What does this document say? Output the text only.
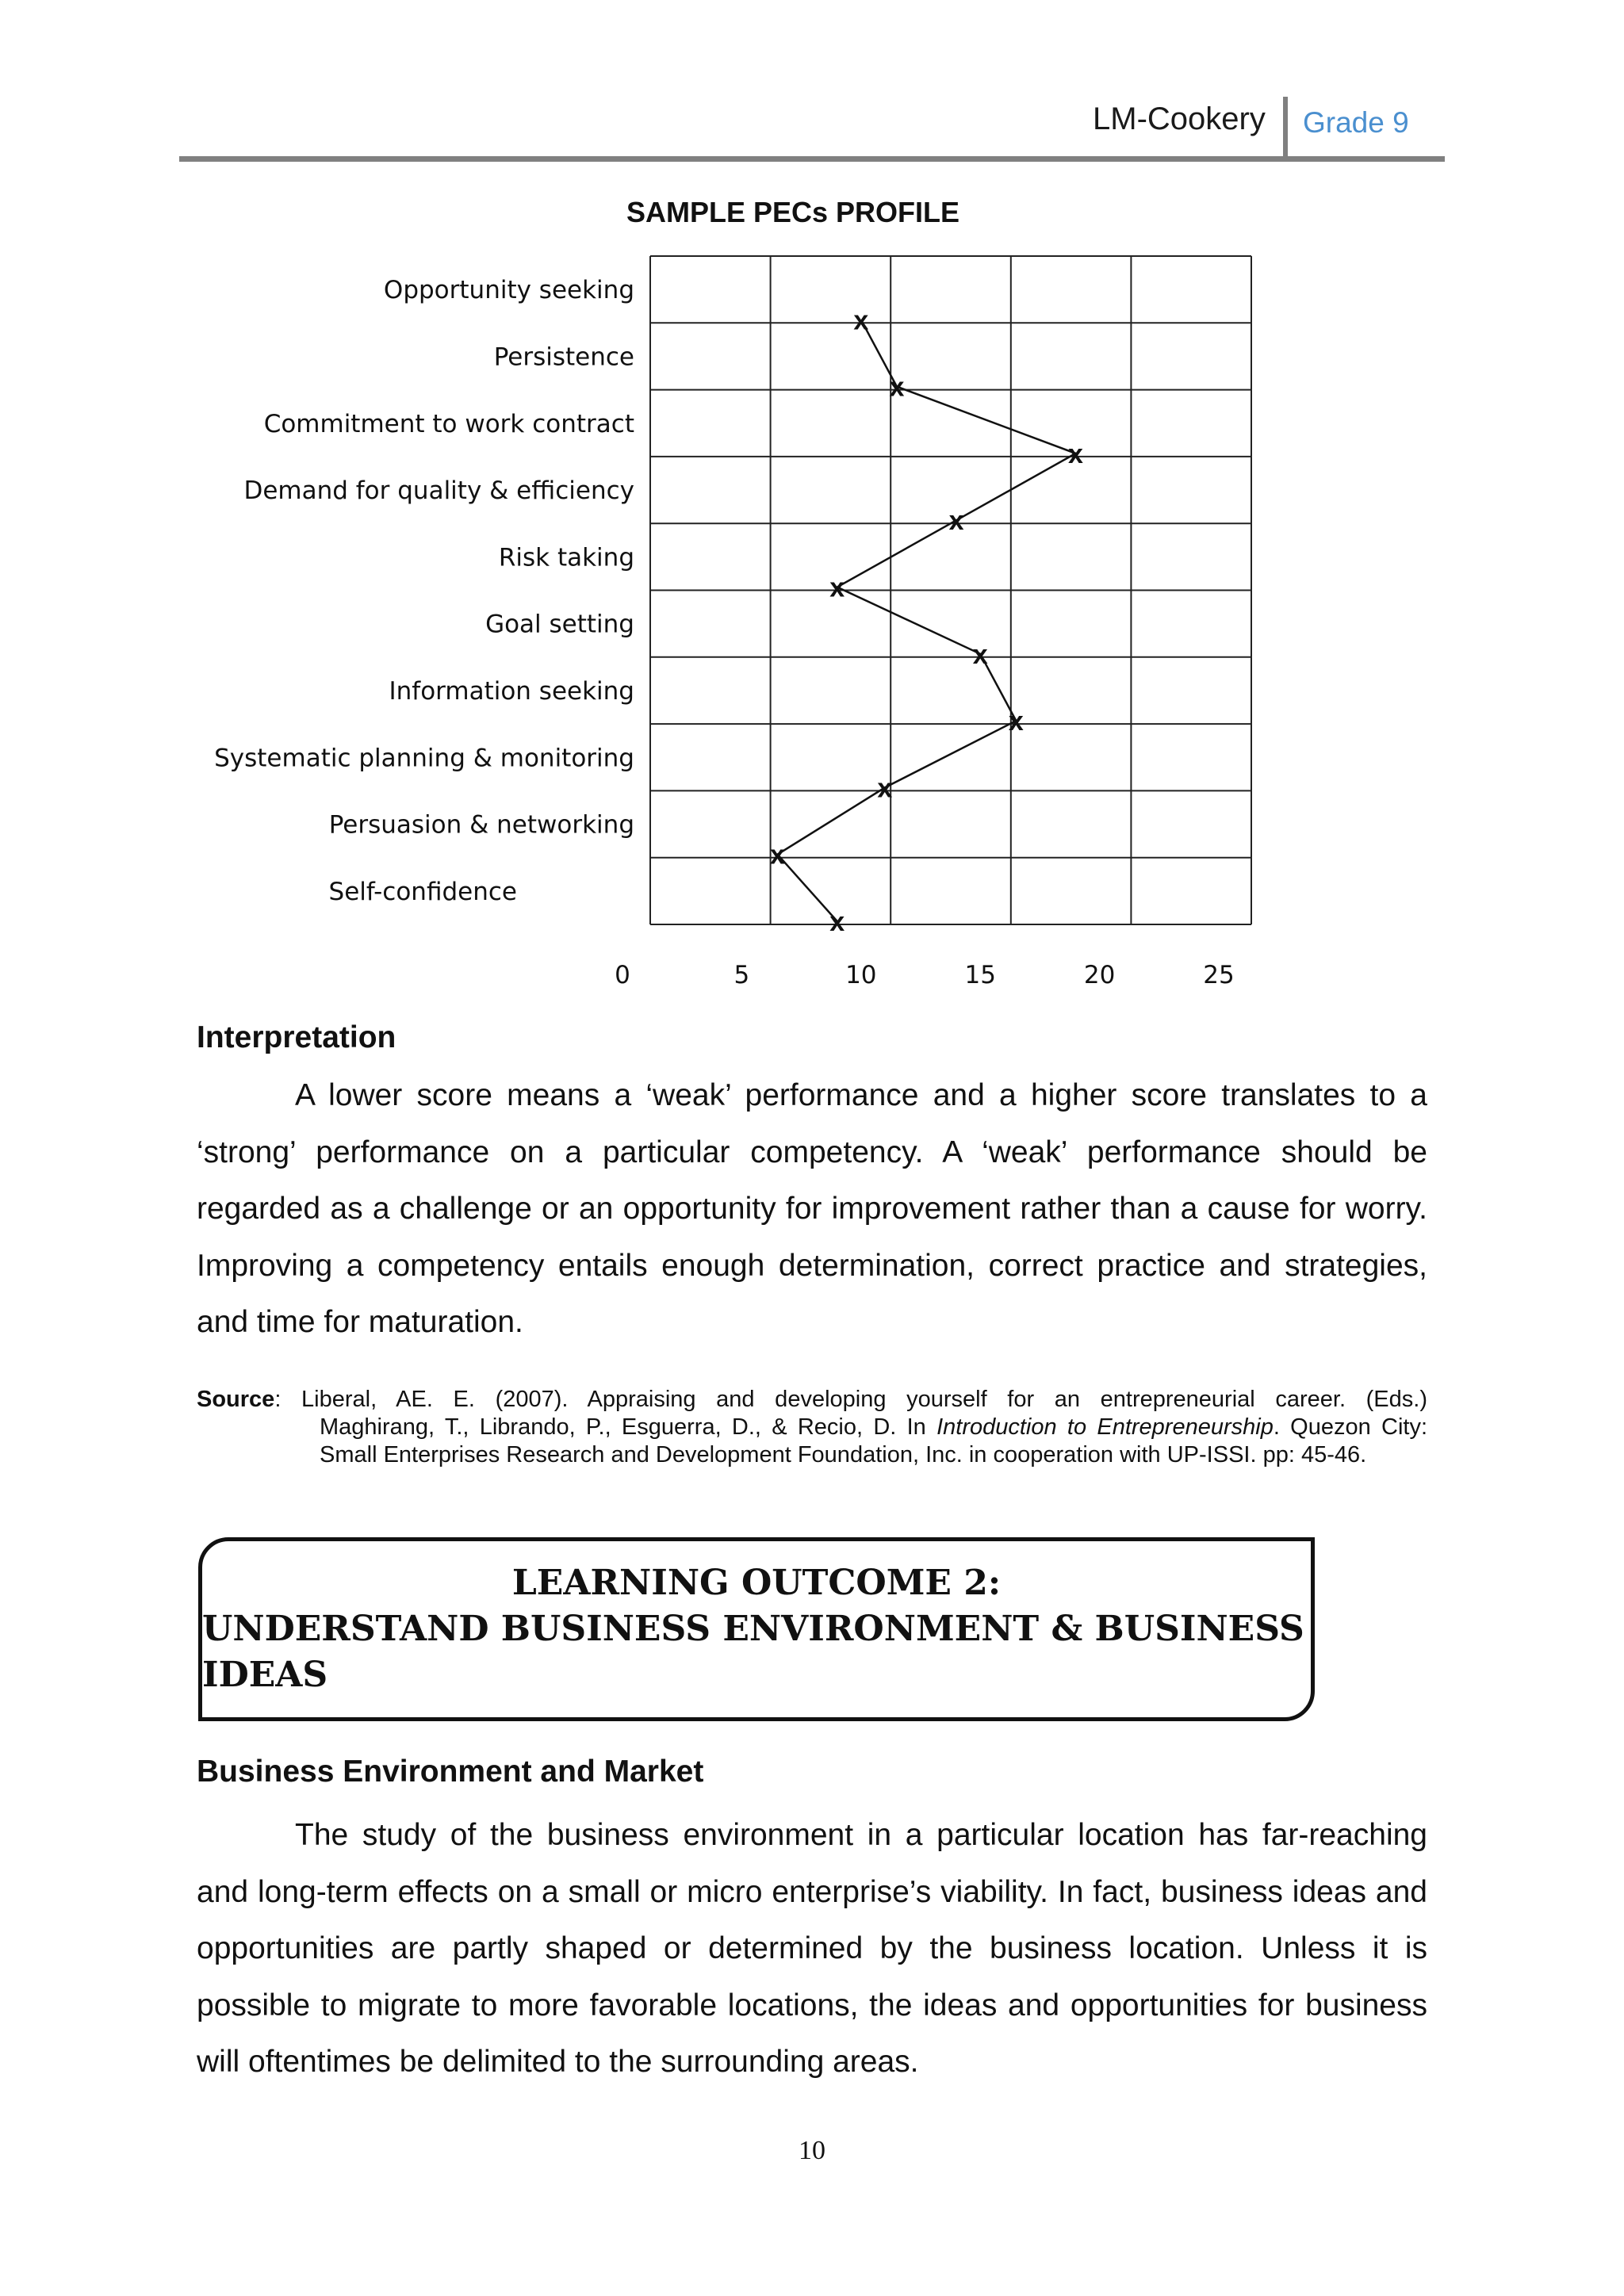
LM-Cookery Grade 9
SAMPLE PECs PROFILE
Opportunity seeking
Persistence
Commitment to work contract
Demand for quality & efficiency
Risk taking
Goal setting
Information seeking
Systematic planning & monitoring
Persuasion & networking
Self-confidence
x
x
x
x
x
x
x
x
x
x
0	5	10	15	20	25
Interpretation
A lower score means a ‘weak’ performance and a higher score translates to a ‘strong’ performance on a particular competency. A ‘weak’ performance should be regarded as a challenge or an opportunity for improvement rather than a cause for worry. Improving a competency entails enough determination, correct practice and strategies, and time for maturation.
Source: Liberal, AE. E. (2007). Appraising and developing yourself for an entrepreneurial career. (Eds.)
Maghirang, T., Librando, P., Esguerra, D., & Recio, D. In Introduction to Entrepreneurship. Quezon City: Small Enterprises Research and Development Foundation, Inc. in cooperation with UP-ISSI. pp: 45-46.
LEARNING OUTCOME 2:
UNDERSTAND BUSINESS ENVIRONMENT & BUSINESS IDEAS
Business Environment and Market
The study of the business environment in a particular location has far-reaching and long-term effects on a small or micro enterprise’s viability. In fact, business ideas and opportunities are partly shaped or determined by the business location. Unless it is possible to migrate to more favorable locations, the ideas and opportunities for business will oftentimes be delimited to the surrounding areas.
10
